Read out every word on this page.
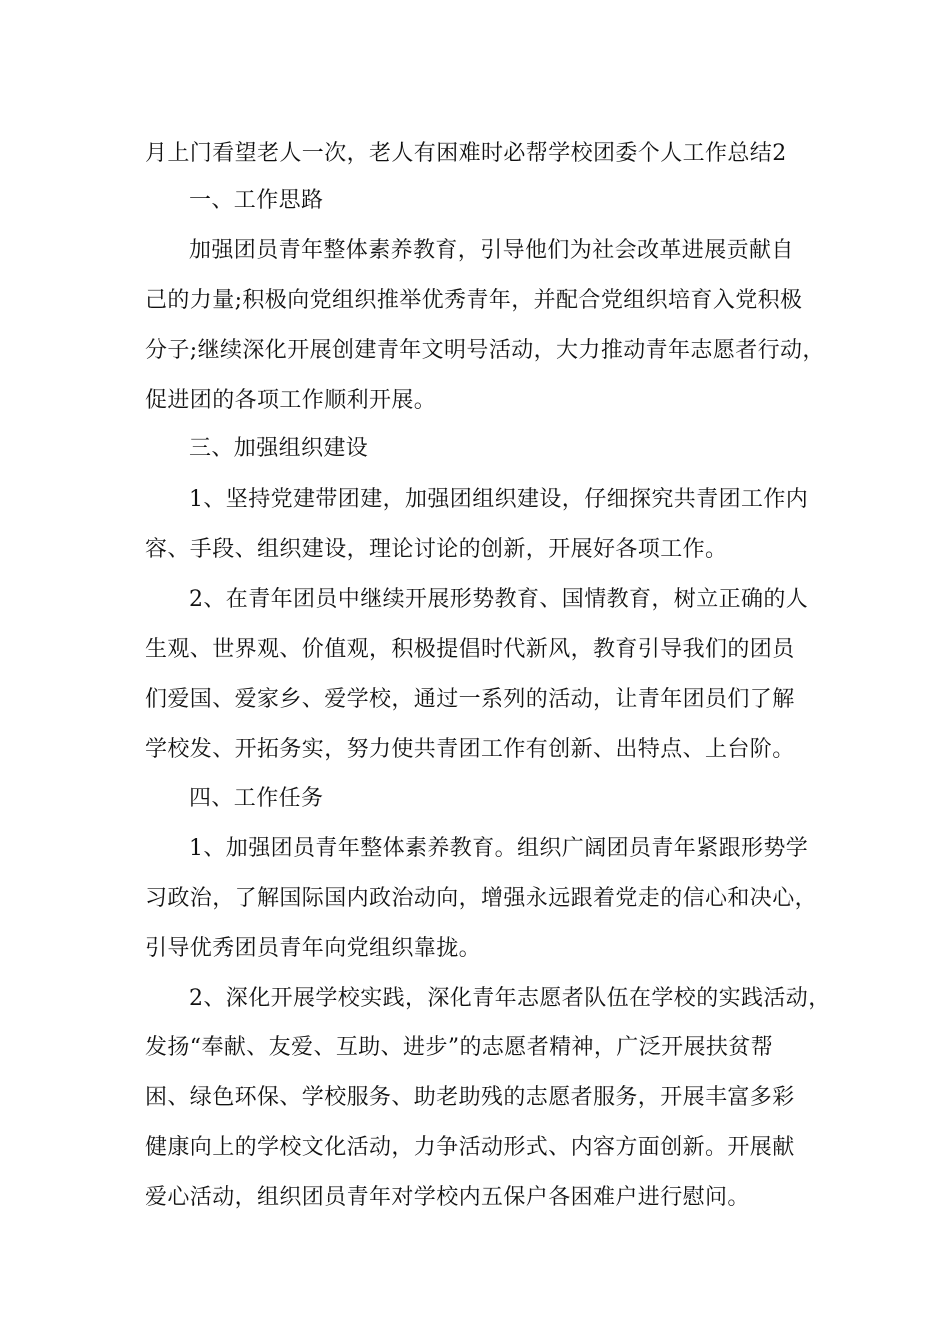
月上门看望老人一次，老人有困难时必帮学校团委个人工作总结2
一、工作思路
加强团员青年整体素养教育，引导他们为社会改革进展贡献自
己的力量;积极向党组织推举优秀青年，并配合党组织培育入党积极
分子;继续深化开展创建青年文明号活动，大力推动青年志愿者行动，
促进团的各项工作顺利开展。
三、加强组织建设
1、坚持党建带团建，加强团组织建设，仔细探究共青团工作内
容、手段、组织建设，理论讨论的创新，开展好各项工作。
2、在青年团员中继续开展形势教育、国情教育，树立正确的人
生观、世界观、价值观，积极提倡时代新风，教育引导我们的团员
们爱国、爱家乡、爱学校，通过一系列的活动，让青年团员们了解
学校发、开拓务实，努力使共青团工作有创新、出特点、上台阶。
四、工作任务
1、加强团员青年整体素养教育。组织广阔团员青年紧跟形势学
习政治，了解国际国内政治动向，增强永远跟着党走的信心和决心，
引导优秀团员青年向党组织靠拢。
2、深化开展学校实践，深化青年志愿者队伍在学校的实践活动，
发扬“奉献、友爱、互助、进步”的志愿者精神，广泛开展扶贫帮
困、绿色环保、学校服务、助老助残的志愿者服务，开展丰富多彩
健康向上的学校文化活动，力争活动形式、内容方面创新。开展献
爱心活动，组织团员青年对学校内五保户各困难户进行慰问。
